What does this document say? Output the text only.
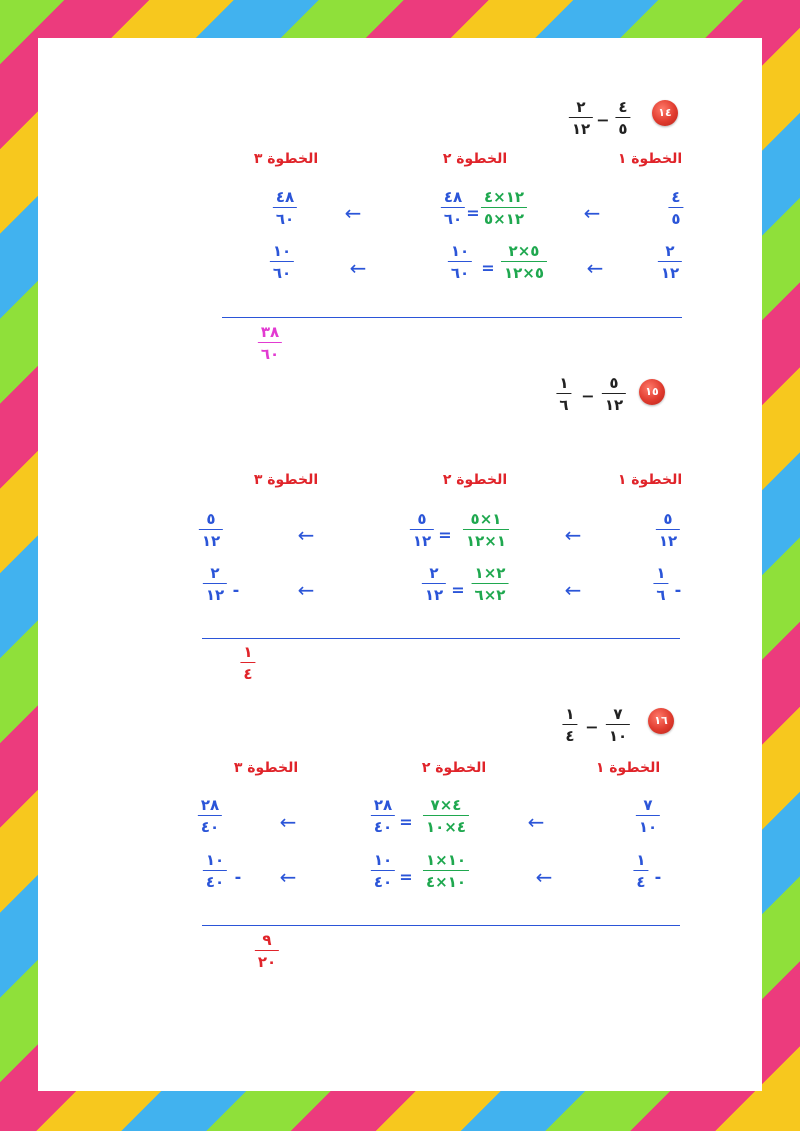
١٤
٤
٥
−
٢
١٢
الخطوة ١
الخطوة ٢
الخطوة ٣
٤
٥
←
١٢×٤
١٢×٥
=
٤٨
٦٠
←
٤٨
٦٠
٢
١٢
←
٥×٢
٥×١٢
=
١٠
٦٠
←
١٠
٦٠
٣٨
٦٠
١٥
٥
١٢
−
١
٦
الخطوة ١
الخطوة ٢
الخطوة ٣
٥
١٢
←
١×٥
١×١٢
=
٥
١٢
←
٥
١٢
١
٦ -
←
٢×١
٢×٦
=
٢
١٢
←
٢
١٢ -
١
٤
١٦
٧
١٠
−
١
٤
الخطوة ١
الخطوة ٢
الخطوة ٣
٧
١٠
←
٤×٧
٤×١٠
=
٢٨
٤٠
←
٢٨
٤٠
١
٤ -
←
١٠×١
١٠×٤
=
١٠
٤٠
←
١٠
٤٠ -
٩
٢٠
